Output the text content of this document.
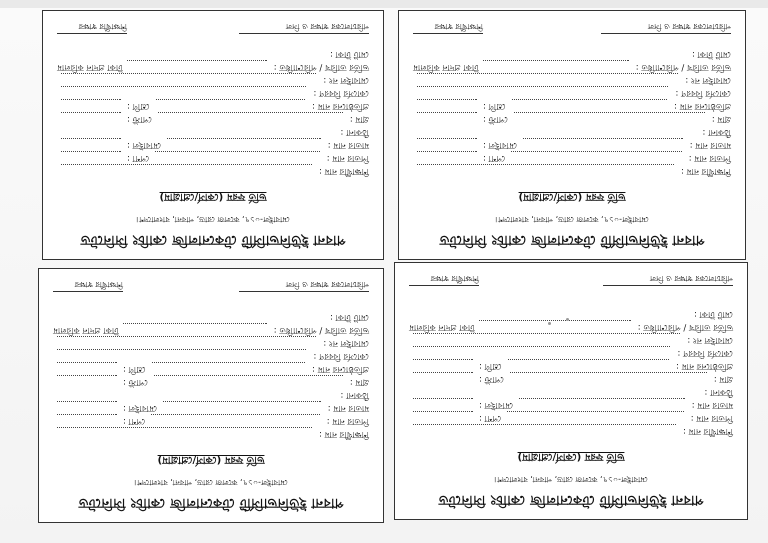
পাবনা ইউনিভার্সিটি টেকনোলজি কোচিং সিনিটেড
মোবাইল-০১৭, কলেজ রোড, পাবনা, বাংলাদেশ।
ভর্তি ফরম (কোর্স/প্রোগ্রাম)
শিক্ষার্থীর নাম :
পিতার নাম :
পেশা :
মাতার নাম :
মোবাইল :
ঠিকানা :
গ্রাম :
পোস্ট :
প্রতিষ্ঠানের নাম :
শ্রেণি :
কোর্সের বিবরণ :
মোবাইল নং :
ভর্তির তারিখ / পরিশোধিত :
টাকা প্রদান করিলাম
মোট টাকা :
পরিচালকের স্বাক্ষর ও সিল
শিক্ষার্থীর স্বাক্ষর
পাবনা ইউনিভার্সিটি টেকনোলজি কোচিং সিনিটেড
মোবাইল-০১৭, কলেজ রোড, পাবনা, বাংলাদেশ।
ভর্তি ফরম (কোর্স/প্রোগ্রাম)
শিক্ষার্থীর নাম :
পিতার নাম :
পেশা :
মাতার নাম :
মোবাইল :
ঠিকানা :
গ্রাম :
পোস্ট :
প্রতিষ্ঠানের নাম :
শ্রেণি :
কোর্সের বিবরণ :
মোবাইল নং :
ভর্তির তারিখ / পরিশোধিত :
টাকা প্রদান করিলাম
মোট টাকা :
পরিচালকের স্বাক্ষর ও সিল
শিক্ষার্থীর স্বাক্ষর
পাবনা ইউনিভার্সিটি টেকনোলজি কোচিং সিনিটেড
মোবাইল-০১৭, কলেজ রোড, পাবনা, বাংলাদেশ।
ভর্তি ফরম (কোর্স/প্রোগ্রাম)
শিক্ষার্থীর নাম :
পিতার নাম :
পেশা :
মাতার নাম :
মোবাইল :
ঠিকানা :
গ্রাম :
পোস্ট :
প্রতিষ্ঠানের নাম :
শ্রেণি :
কোর্সের বিবরণ :
মোবাইল নং :
ভর্তির তারিখ / পরিশোধিত :
টাকা প্রদান করিলাম
মোট টাকা :
পরিচালকের স্বাক্ষর ও সিল
শিক্ষার্থীর স্বাক্ষর
পাবনা ইউনিভার্সিটি টেকনোলজি কোচিং সিনিটেড
মোবাইল-০১৭, কলেজ রোড, পাবনা, বাংলাদেশ।
ভর্তি ফরম (কোর্স/প্রোগ্রাম)
শিক্ষার্থীর নাম :
পিতার নাম :
পেশা :
মাতার নাম :
মোবাইল :
ঠিকানা :
গ্রাম :
পোস্ট :
প্রতিষ্ঠানের নাম :
শ্রেণি :
কোর্সের বিবরণ :
মোবাইল নং :
ভর্তির তারিখ / পরিশোধিত :
টাকা প্রদান করিলাম
মোট টাকা :
পরিচালকের স্বাক্ষর ও সিল
শিক্ষার্থীর স্বাক্ষর
